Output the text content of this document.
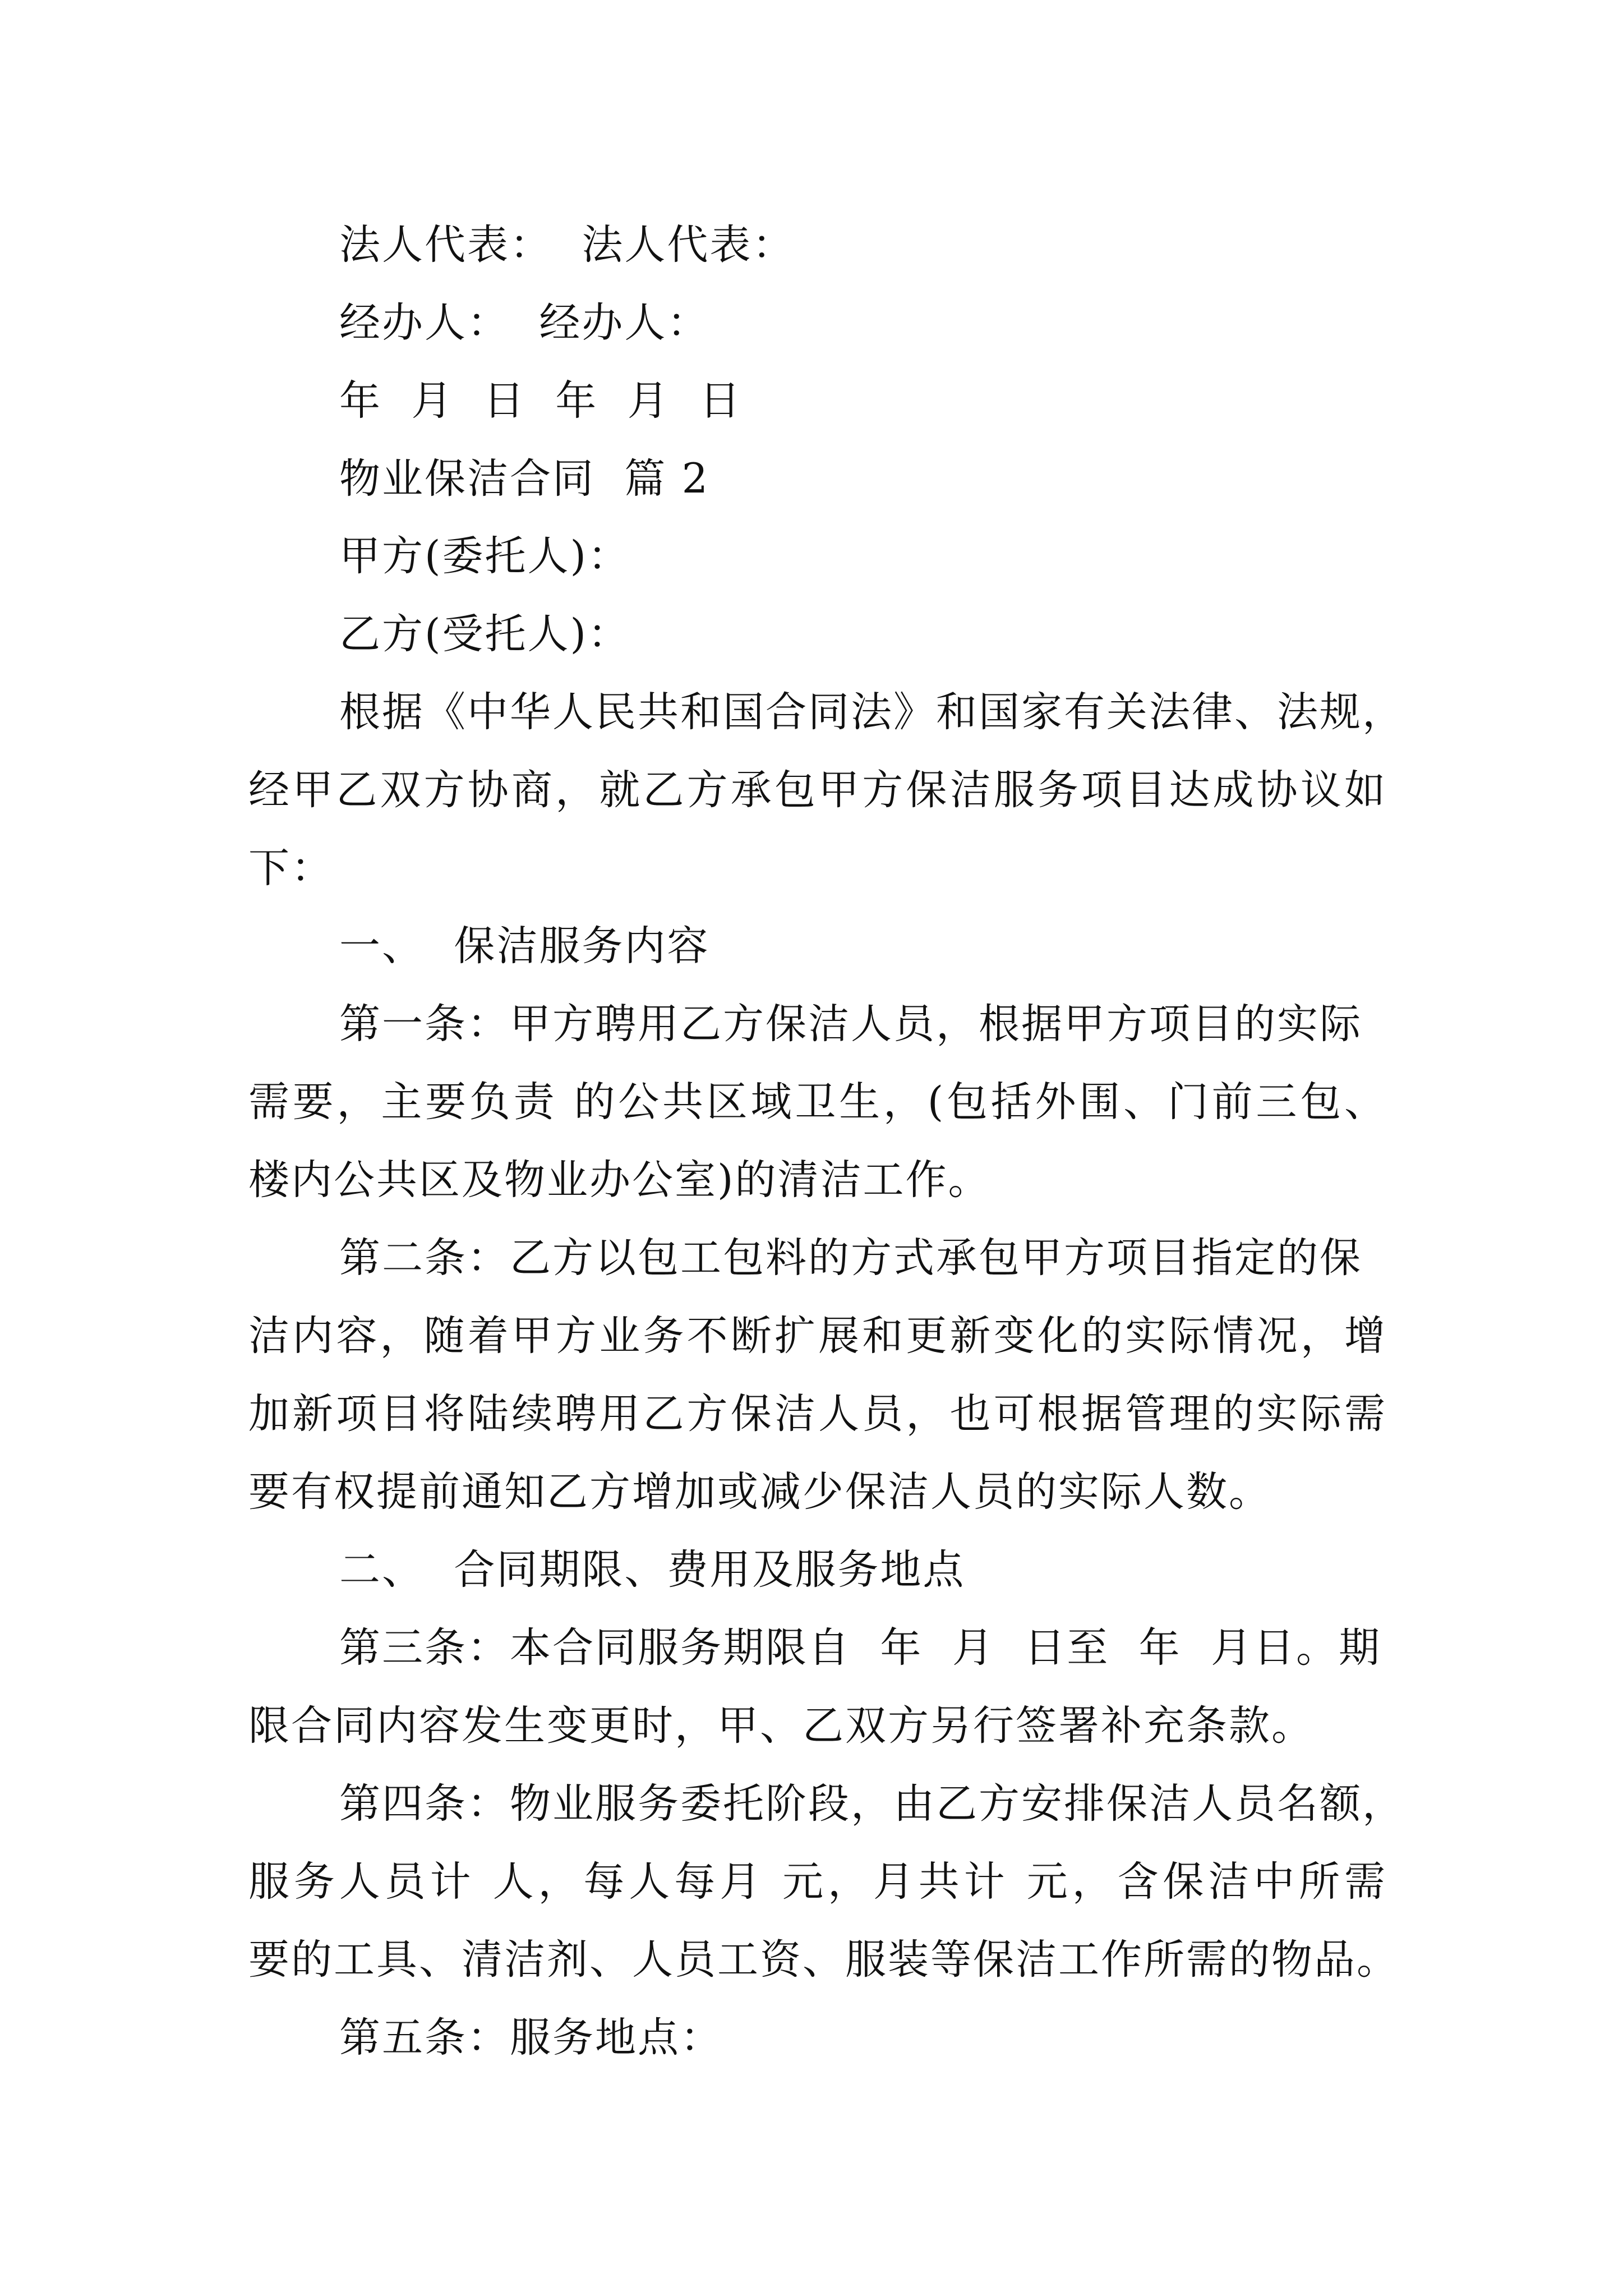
法人代表：  法人代表：
经办人：  经办人：
年  月  日  年  月  日
物业保洁合同  篇 2
甲方(委托人)：
乙方(受托人)：
根据《中华人民共和国合同法》和国家有关法律、法规，
经甲乙双方协商，就乙方承包甲方保洁服务项目达成协议如
下：
一、  保洁服务内容
第一条：甲方聘用乙方保洁人员，根据甲方项目的实际
需要，主要负责 的公共区域卫生，(包括外围、门前三包、
楼内公共区及物业办公室)的清洁工作。
第二条：乙方以包工包料的方式承包甲方项目指定的保
洁内容，随着甲方业务不断扩展和更新变化的实际情况，增
加新项目将陆续聘用乙方保洁人员，也可根据管理的实际需
要有权提前通知乙方增加或减少保洁人员的实际人数。
二、  合同期限、费用及服务地点
第三条：本合同服务期限自  年  月  日至  年  月日。期
限合同内容发生变更时，甲、乙双方另行签署补充条款。
第四条：物业服务委托阶段，由乙方安排保洁人员名额，
服务人员计 人，每人每月 元，月共计 元，含保洁中所需
要的工具、清洁剂、人员工资、服装等保洁工作所需的物品。
第五条：服务地点：
